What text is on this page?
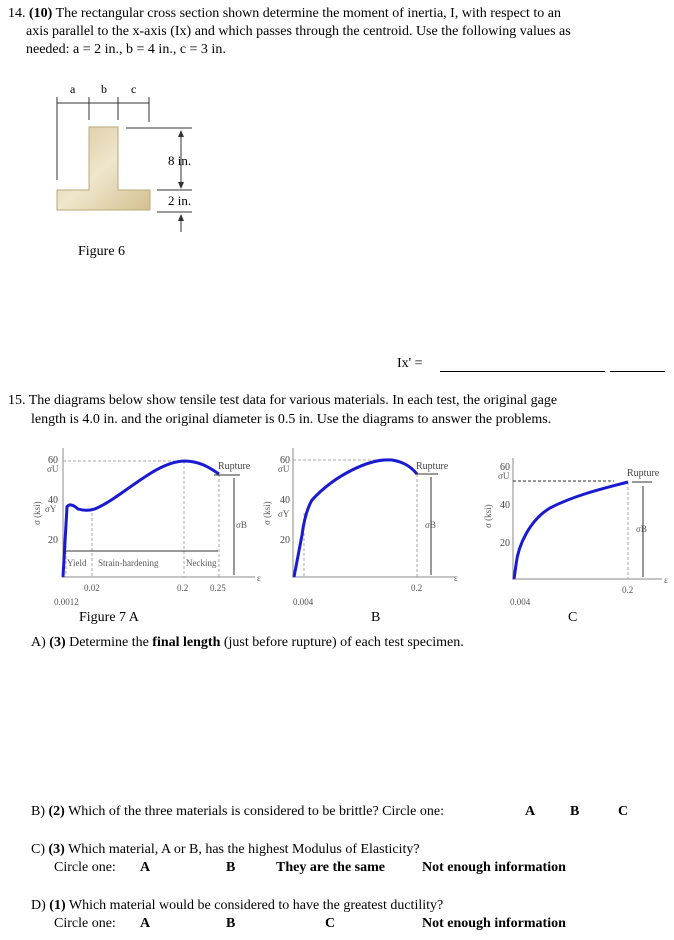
14. (10) The rectangular cross section shown determine the moment of inertia, I, with respect to an
axis parallel to the x-axis (Ix) and which passes through the centroid. Use the following values as
needed: a = 2 in., b = 4 in., c = 3 in.
a b c
8 in.
2 in.
Figure 6
Ix' =
15. The diagrams below show tensile test data for various materials. In each test, the original gage
length is 4.0 in. and the original diameter is 0.5 in. Use the diagrams to answer the problems.
60
σU
40
σY
20
σ (ksi)
Rupture
σB
Yield Strain-hardening	Necking
0.0012
0.02	0.2 0.25
ε
60
σU
40
σY
20
σ (ksi)
Rupture
σB
0.004
0.2
ε
60
σU
40
20
σ (ksi)
Rupture
σB
0.004
0.2
ε
Figure 7 A	B	C
A) (3) Determine the final length (just before rupture) of each test specimen.
B) (2) Which of the three materials is considered to be brittle? Circle one:	A B	C
C) (3) Which material, A or B, has the highest Modulus of Elasticity?
Circle one: A	B	They are the same	Not enough information
D) (1) Which material would be considered to have the greatest ductility?
Circle one: A	B	C	Not enough information
